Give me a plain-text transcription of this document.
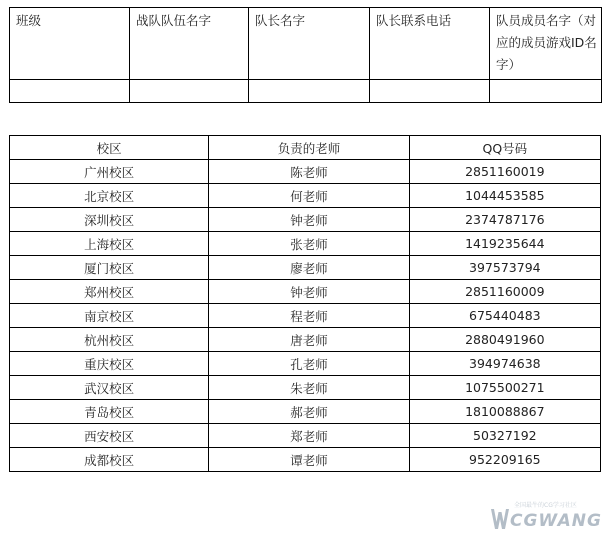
班级	战队队伍名字	队长名字	队长联系电话	队员成员名字（对应的成员游戏ID名字）

校区	负责的老师	QQ号码
广州校区	陈老师	2851160019
北京校区	何老师	1044453585
深圳校区	钟老师	2374787176
上海校区	张老师	1419235644
厦门校区	廖老师	397573794
郑州校区	钟老师	2851160009
南京校区	程老师	675440483
杭州校区	唐老师	2880491960
重庆校区	孔老师	394974638
武汉校区	朱老师	1075500271
青岛校区	郝老师	1810088867
西安校区	郑老师	50327192
成都校区	谭老师	952209165
全国最牛的CG学习社区
CGWANG
